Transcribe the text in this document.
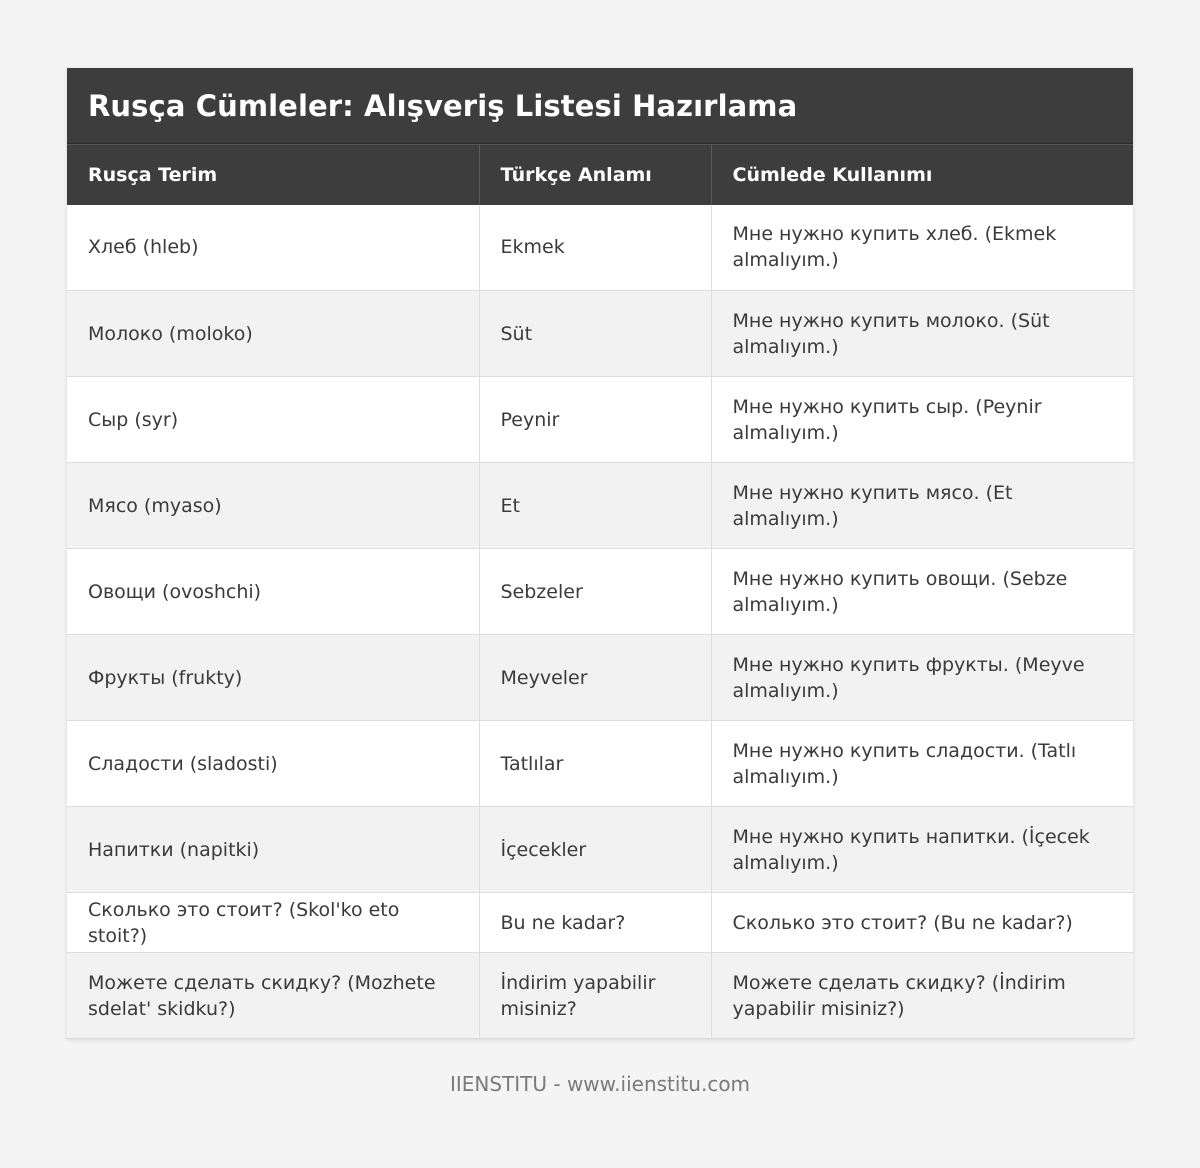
Rusça Cümleler: Alışveriş Listesi Hazırlama
Rusça Terim	Türkçe Anlamı	Cümlede Kullanımı
Хлеб (hleb)	Ekmek	Мне нужно купить хлеб. (Ekmek almalıyım.)
Молоко (moloko)	Süt	Мне нужно купить молоко. (Süt almalıyım.)
Сыр (syr)	Peynir	Мне нужно купить сыр. (Peynir almalıyım.)
Мясо (myaso)	Et	Мне нужно купить мясо. (Et almalıyım.)
Овощи (ovoshchi)	Sebzeler	Мне нужно купить овощи. (Sebze almalıyım.)
Фрукты (frukty)	Meyveler	Мне нужно купить фрукты. (Meyve almalıyım.)
Сладости (sladosti)	Tatlılar	Мне нужно купить сладости. (Tatlı almalıyım.)
Напитки (napitki)	İçecekler	Мне нужно купить напитки. (İçecek almalıyım.)
Сколько это стоит? (Skol'ko eto stoit?)	Bu ne kadar?	Сколько это стоит? (Bu ne kadar?)
Можете сделать скидку? (Mozhete sdelat' skidku?)	İndirim yapabilir misiniz?	Можете сделать скидку? (İndirim yapabilir misiniz?)
IIENSTITU - www.iienstitu.com
